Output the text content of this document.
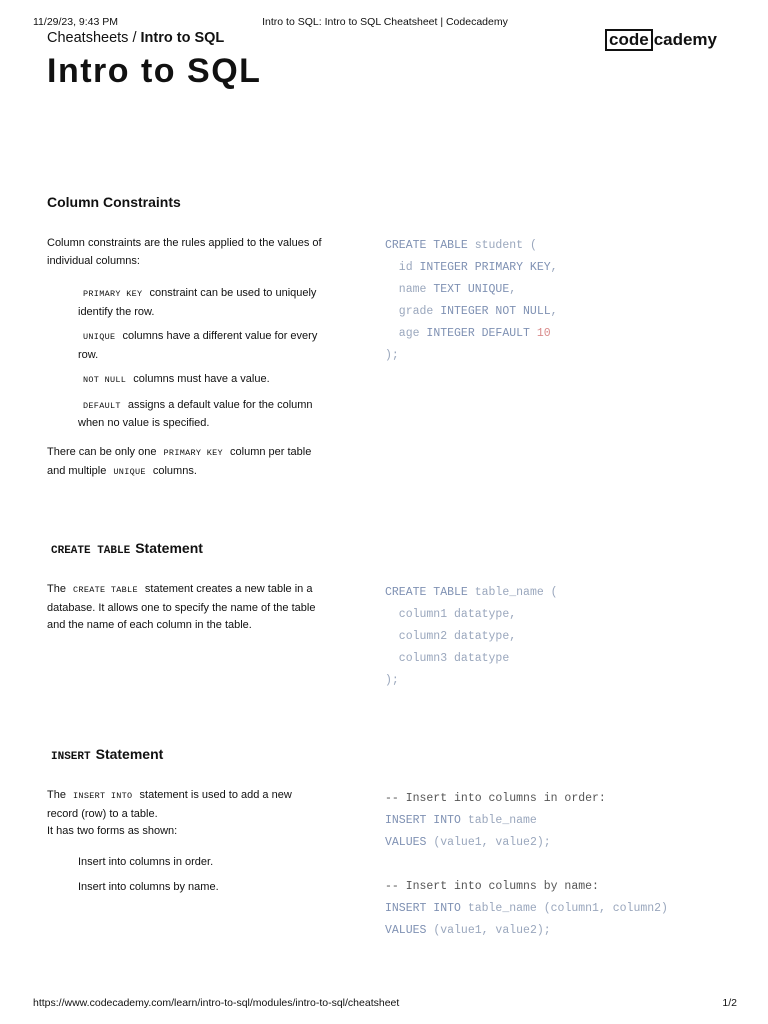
11/29/23, 9:43 PM	Intro to SQL: Intro to SQL Cheatsheet | Codecademy
Cheatsheets / Intro to SQL	code cademy
Intro to SQL
Column Constraints
Column constraints are the rules applied to the values of individual columns:
PRIMARY KEY constraint can be used to uniquely identify the row.
UNIQUE columns have a different value for every row.
NOT NULL columns must have a value.
DEFAULT assigns a default value for the column when no value is specified.
There can be only one PRIMARY KEY column per table and multiple UNIQUE columns.
CREATE TABLE student (
id INTEGER PRIMARY KEY,
name TEXT UNIQUE,
grade INTEGER NOT NULL,
age INTEGER DEFAULT 10
);
CREATE TABLE Statement
The CREATE TABLE statement creates a new table in a database. It allows one to specify the name of the table and the name of each column in the table.
CREATE TABLE table_name (
column1 datatype,
column2 datatype,
column3 datatype
);
INSERT Statement
The INSERT INTO statement is used to add a new record (row) to a table.
It has two forms as shown:
Insert into columns in order.
Insert into columns by name.
-- Insert into columns in order:
INSERT INTO table_name
VALUES (value1, value2);

-- Insert into columns by name:
INSERT INTO table_name (column1, column2)
VALUES (value1, value2);
https://www.codecademy.com/learn/intro-to-sql/modules/intro-to-sql/cheatsheet	1/2
